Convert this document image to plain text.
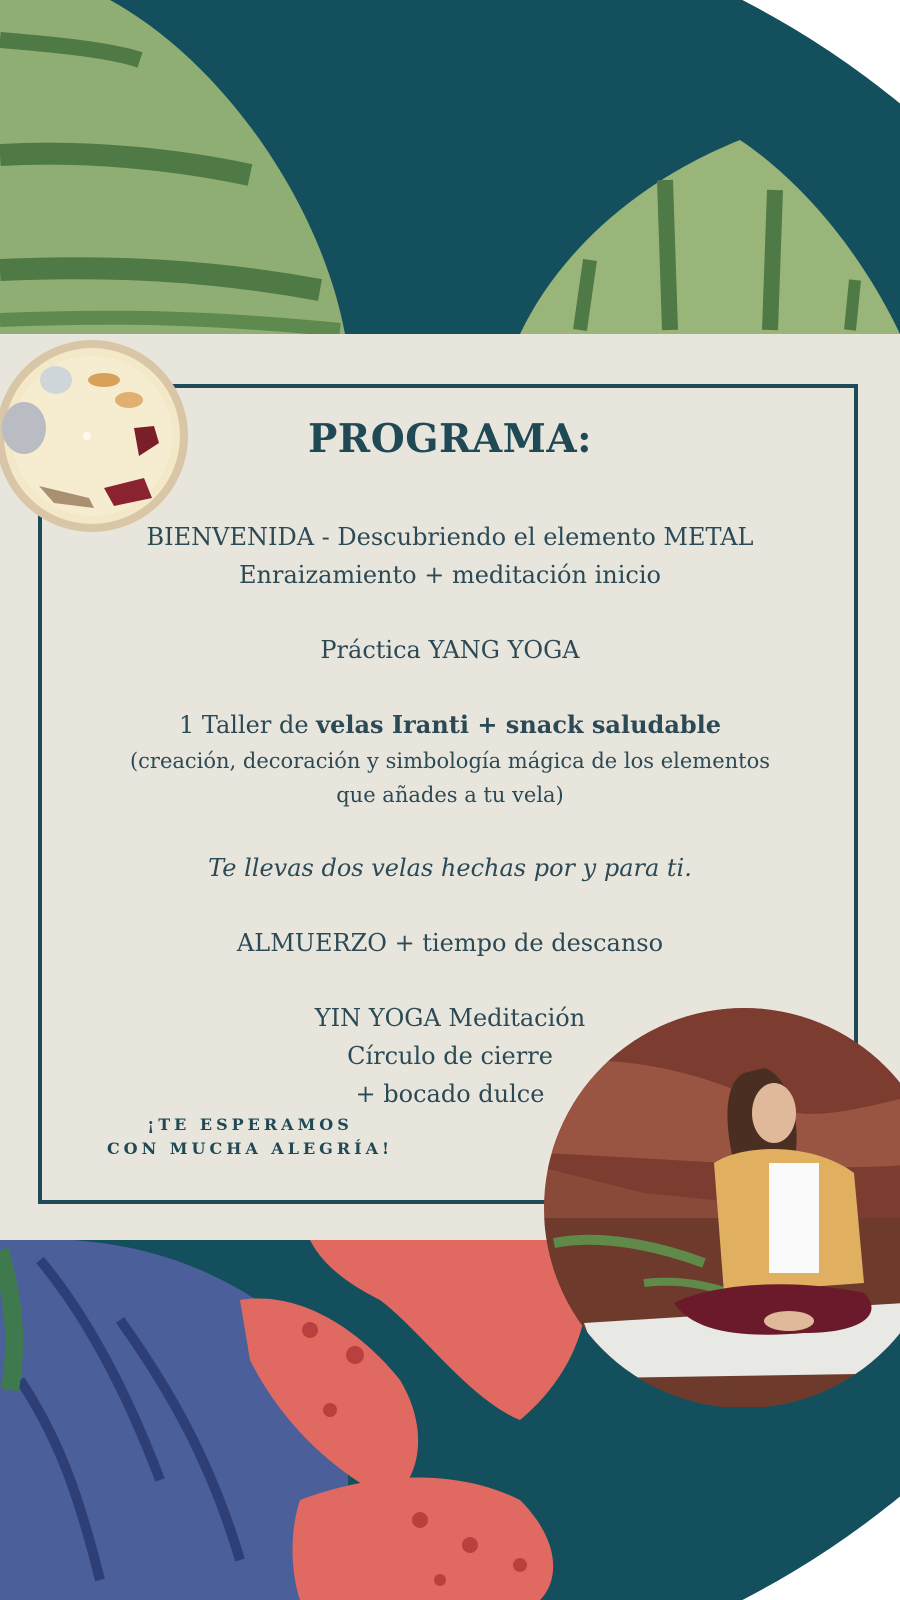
PROGRAMA:

BIENVENIDA - Descubriendo el elemento METAL

Enraizamiento + meditación inicio

Práctica YANG YOGA

1 Taller de velas Iranti + snack saludable

(creación, decoración y simbología mágica de los elementos

que añades a tu vela)

Te llevas dos velas hechas por y para ti.

ALMUERZO + tiempo de descanso

YIN YOGA Meditación

Círculo de cierre

+ bocado dulce

¡TE ESPERAMOS
CON MUCHA ALEGRÍA!
